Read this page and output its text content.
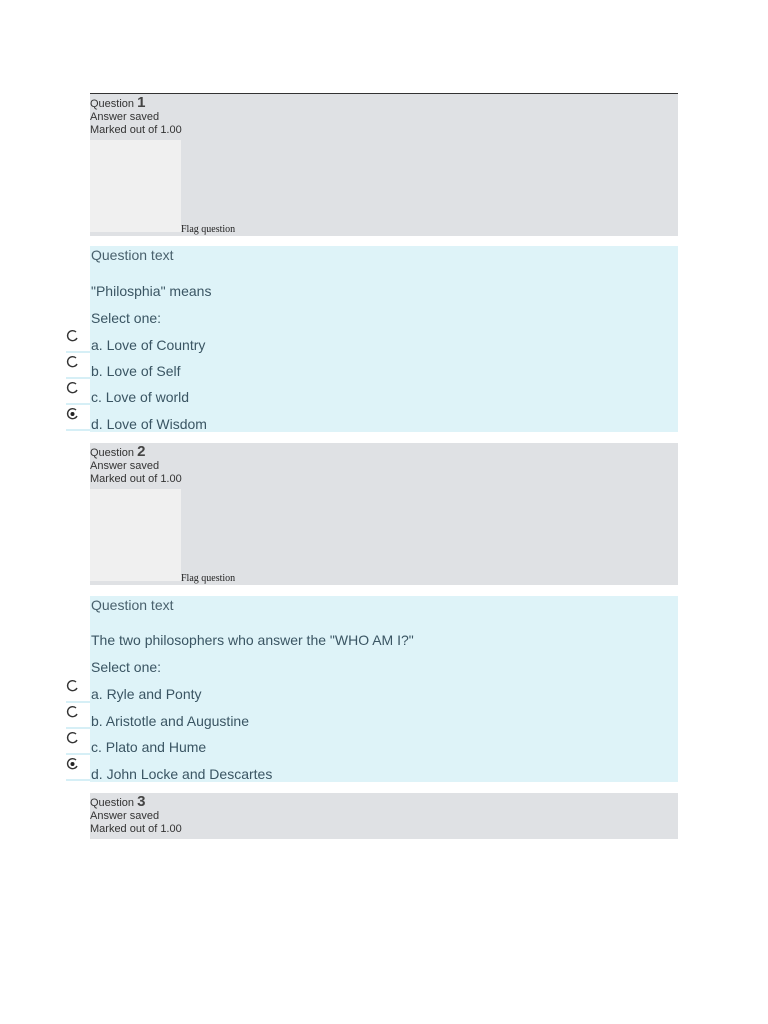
Question 1
Answer saved
Marked out of 1.00
Flag question
Question text
"Philosphia" means
Select one:
a. Love of Country
b. Love of Self
c. Love of world
d. Love of Wisdom
Question 2
Answer saved
Marked out of 1.00
Flag question
Question text
The two philosophers who answer the "WHO AM I?"
Select one:
a. Ryle and Ponty
b. Aristotle and Augustine
c. Plato and Hume
d. John Locke and Descartes
Question 3
Answer saved
Marked out of 1.00
